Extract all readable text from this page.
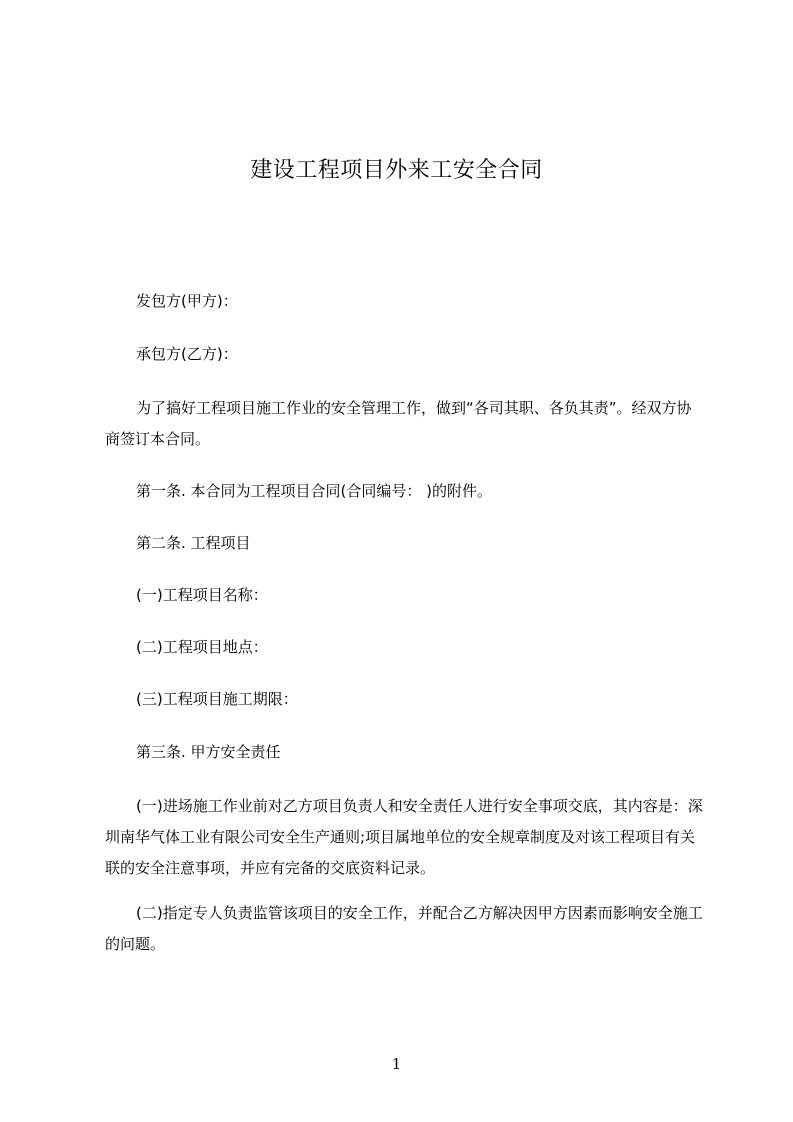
建设工程项目外来工安全合同

发包方(甲方)：

承包方(乙方)：

为了搞好工程项目施工作业的安全管理工作，做到“各司其职、各负其责”。经双方协商签订本合同。

第一条. 本合同为工程项目合同(合同编号： )的附件。

第二条. 工程项目

(一)工程项目名称：

(二)工程项目地点：

(三)工程项目施工期限：

第三条. 甲方安全责任

(一)进场施工作业前对乙方项目负责人和安全责任人进行安全事项交底，其内容是：深圳南华气体工业有限公司安全生产通则;项目属地单位的安全规章制度及对该工程项目有关联的安全注意事项，并应有完备的交底资料记录。

(二)指定专人负责监管该项目的安全工作，并配合乙方解决因甲方因素而影响安全施工的问题。

1
